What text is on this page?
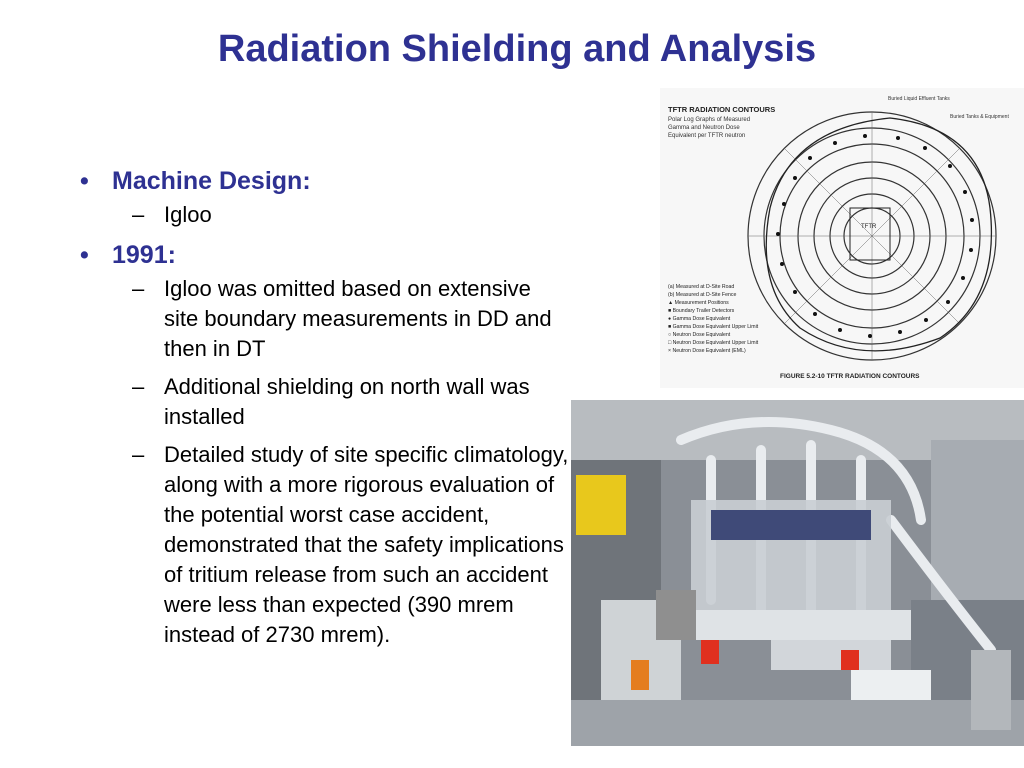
Radiation Shielding and Analysis
• Machine Design:
– Igloo
• 1991:
– Igloo was omitted based on extensive site boundary measurements in DD and then in DT
– Additional shielding on north wall was installed
– Detailed study of site specific climatology, along with a more rigorous evaluation of the potential worst case accident, demonstrated that the safety implications of tritium release from such an accident were less than expected (390 mrem instead of 2730 mrem).
TFTR RADIATION CONTOURS
Polar Log Graphs of Measured
Gamma and Neutron Dose
Equivalent per TFTR neutron
TFTR
Buried Liquid Effluent Tanks
Buried Tanks & Equipment
(a) Measured at D-Site Road
(b) Measured at D-Site Fence
▲ Measurement Positions
■ Boundary Trailer Detectors
● Gamma Dose Equivalent
■ Gamma Dose Equivalent Upper Limit
○ Neutron Dose Equivalent
□ Neutron Dose Equivalent Upper Limit
× Neutron Dose Equivalent (EML)
FIGURE 5.2-10 TFTR RADIATION CONTOURS
